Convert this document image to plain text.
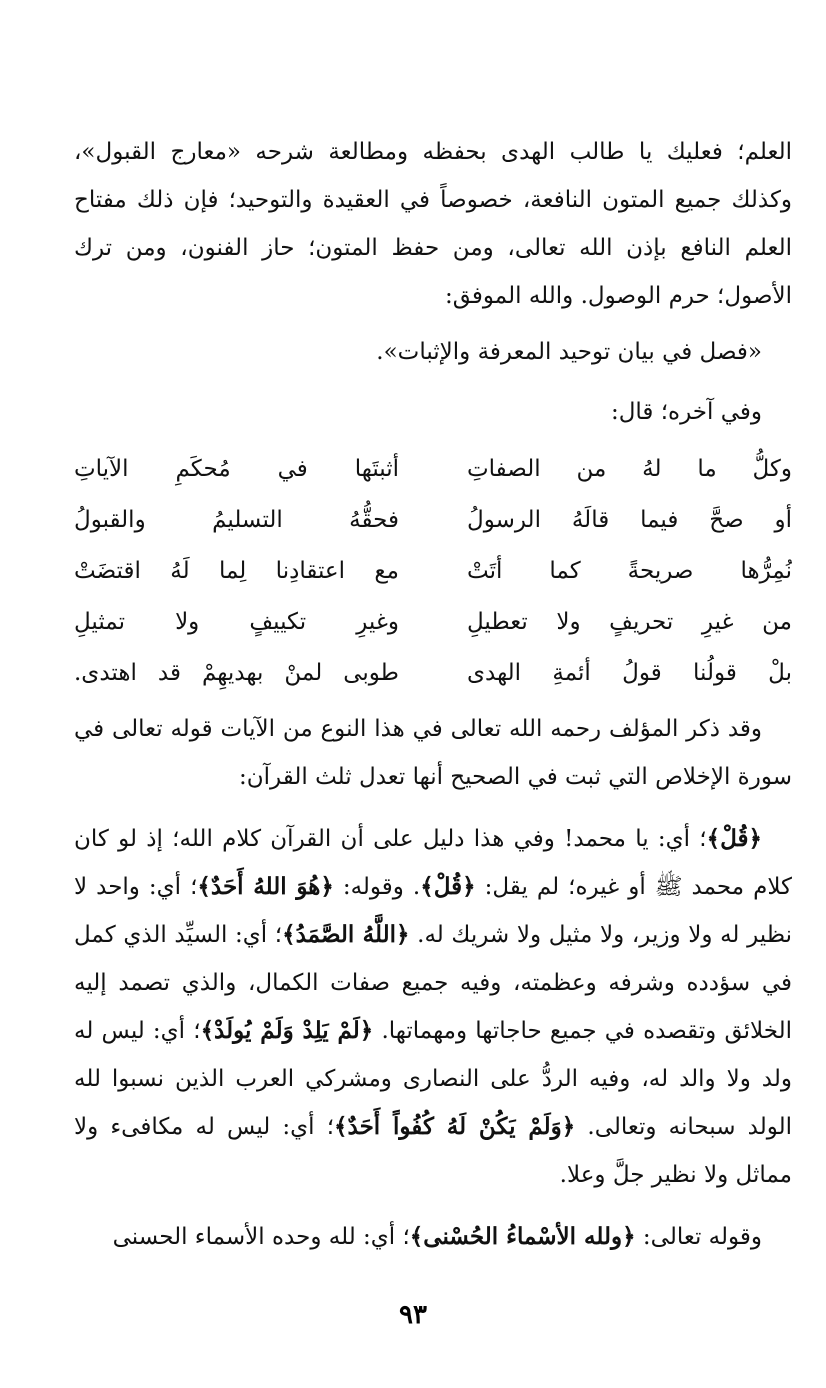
العلم؛ فعليك يا طالب الهدى بحفظه ومطالعة شرحه «معارج القبول»، وكذلك جميع المتون النافعة، خصوصاً في العقيدة والتوحيد؛ فإن ذلك مفتاح العلم النافع بإذن الله تعالى، ومن حفظ المتون؛ حاز الفنون، ومن ترك الأصول؛ حرم الوصول. والله الموفق:

«فصل في بيان توحيد المعرفة والإثبات».

وفي آخره؛ قال:

وكلُّ ما لهُ من الصفاتِ
أثبتَها في مُحكَمِ الآياتِ
أو صحَّ فيما قالَهُ الرسولُ
فحقُّهُ التسليمُ والقبولُ
نُمِرُّها صريحةً كما أتَتْ
مع اعتقادِنا لِما لَهُ اقتضَتْ
من غيرِ تحريفٍ ولا تعطيلِ
وغيرِ تكييفٍ ولا تمثيلِ
بلْ قولُنا قولُ أئمةِ الهدى
طوبى لمنْ بهديهِمْ قد اهتدى.

وقد ذكر المؤلف رحمه الله تعالى في هذا النوع من الآيات قوله تعالى في سورة الإخلاص التي ثبت في الصحيح أنها تعدل ثلث القرآن:

﴿قُلْ﴾؛ أي: يا محمد! وفي هذا دليل على أن القرآن كلام الله؛ إذ لو كان كلام محمد ﷺ أو غيره؛ لم يقل: ﴿قُلْ﴾. وقوله: ﴿هُوَ اللهُ أَحَدٌ﴾؛ أي: واحد لا نظير له ولا وزير، ولا مثيل ولا شريك له. ﴿اللَّهُ الصَّمَدُ﴾؛ أي: السيِّد الذي كمل في سؤدده وشرفه وعظمته، وفيه جميع صفات الكمال، والذي تصمد إليه الخلائق وتقصده في جميع حاجاتها ومهماتها. ﴿لَمْ يَلِدْ وَلَمْ يُولَدْ﴾؛ أي: ليس له ولد ولا والد له، وفيه الردُّ على النصارى ومشركي العرب الذين نسبوا لله الولد سبحانه وتعالى. ﴿وَلَمْ يَكُنْ لَهُ كُفُواً أَحَدٌ﴾؛ أي: ليس له مكافىء ولا مماثل ولا نظير جلَّ وعلا.

وقوله تعالى: ﴿ولله الأسْماءُ الحُسْنى﴾؛ أي: لله وحده الأسماء الحسنى

٩٣
